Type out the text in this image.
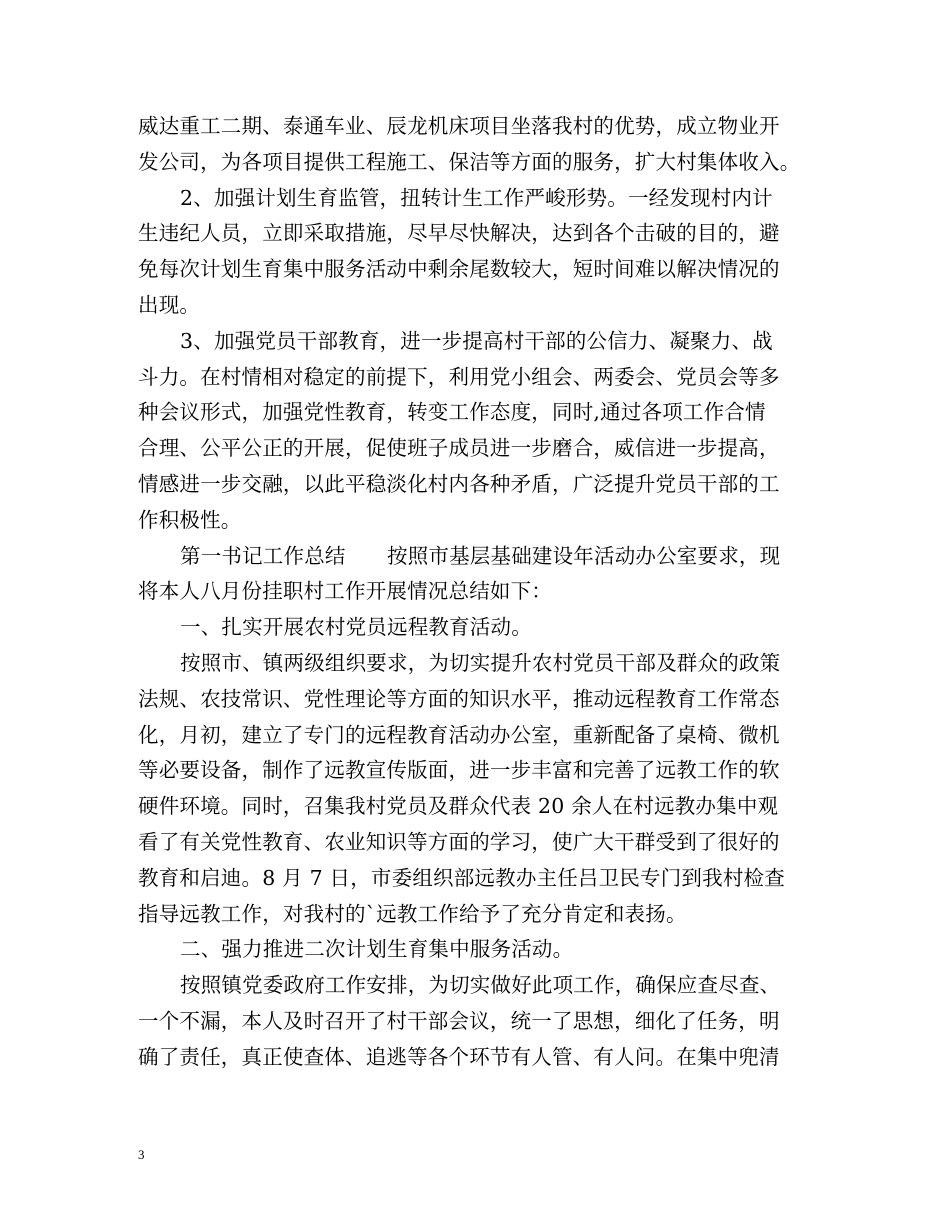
威达重工二期、泰通车业、辰龙机床项目坐落我村的优势，成立物业开
发公司，为各项目提供工程施工、保洁等方面的服务，扩大村集体收入。
2、加强计划生育监管，扭转计生工作严峻形势。一经发现村内计
生违纪人员，立即采取措施，尽早尽快解决，达到各个击破的目的，避
免每次计划生育集中服务活动中剩余尾数较大，短时间难以解决情况的
出现。
3、加强党员干部教育，进一步提高村干部的公信力、凝聚力、战
斗力。在村情相对稳定的前提下，利用党小组会、两委会、党员会等多
种会议形式，加强党性教育，转变工作态度，同时,通过各项工作合情
合理、公平公正的开展，促使班子成员进一步磨合，威信进一步提高，
情感进一步交融，以此平稳淡化村内各种矛盾，广泛提升党员干部的工
作积极性。
第一书记工作总结　　按照市基层基础建设年活动办公室要求，现
将本人八月份挂职村工作开展情况总结如下：
一、扎实开展农村党员远程教育活动。
按照市、镇两级组织要求，为切实提升农村党员干部及群众的政策
法规、农技常识、党性理论等方面的知识水平，推动远程教育工作常态
化，月初，建立了专门的远程教育活动办公室，重新配备了桌椅、微机
等必要设备，制作了远教宣传版面，进一步丰富和完善了远教工作的软
硬件环境。同时，召集我村党员及群众代表 20 余人在村远教办集中观
看了有关党性教育、农业知识等方面的学习，使广大干群受到了很好的
教育和启迪。8 月 7 日，市委组织部远教办主任吕卫民专门到我村检查
指导远教工作，对我村的`远教工作给予了充分肯定和表扬。
二、强力推进二次计划生育集中服务活动。
按照镇党委政府工作安排，为切实做好此项工作，确保应查尽查、
一个不漏，本人及时召开了村干部会议，统一了思想，细化了任务，明
确了责任，真正使查体、追逃等各个环节有人管、有人问。在集中兜清
3
